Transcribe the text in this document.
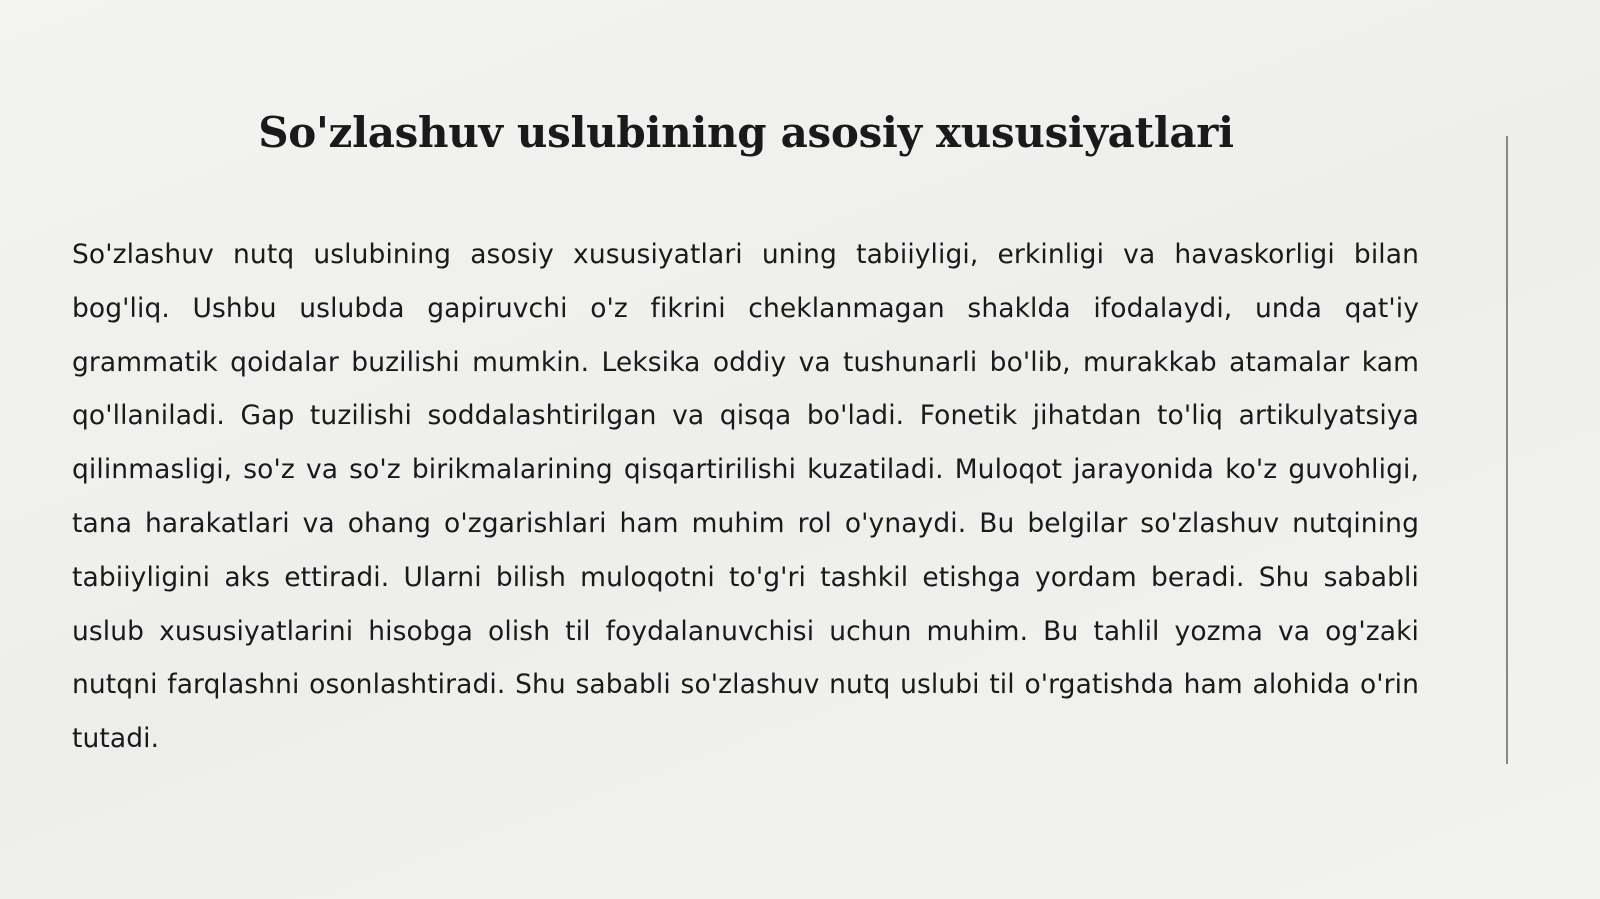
So'zlashuv uslubining asosiy xususiyatlari

So'zlashuv nutq uslubining asosiy xususiyatlari uning tabiiyligi, erkinligi va havaskorligi bilan bog'liq. Ushbu uslubda gapiruvchi o'z fikrini cheklanmagan shaklda ifodalaydi, unda qat'iy grammatik qoidalar buzilishi mumkin. Leksika oddiy va tushunarli bo'lib, murakkab atamalar kam qo'llaniladi. Gap tuzilishi soddalashtirilgan va qisqa bo'ladi. Fonetik jihatdan to'liq artikulyatsiya qilinmasligi, so'z va so'z birikmalarining qisqartirilishi kuzatiladi. Muloqot jarayonida ko'z guvohligi, tana harakatlari va ohang o'zgarishlari ham muhim rol o'ynaydi. Bu belgilar so'zlashuv nutqining tabiiyligini aks ettiradi. Ularni bilish muloqotni to'g'ri tashkil etishga yordam beradi. Shu sababli uslub xususiyatlarini hisobga olish til foydalanuvchisi uchun muhim. Bu tahlil yozma va og'zaki nutqni farqlashni osonlashtiradi. Shu sababli so'zlashuv nutq uslubi til o'rgatishda ham alohida o'rin tutadi.
